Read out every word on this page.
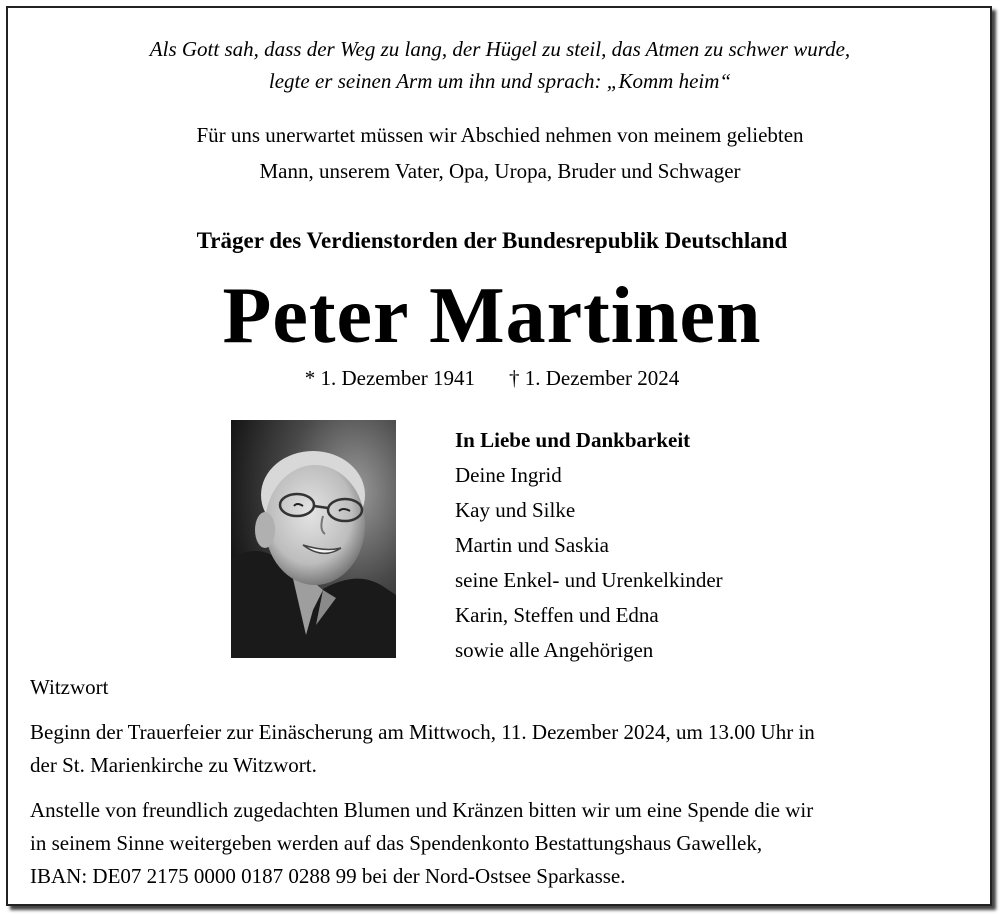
Als Gott sah, dass der Weg zu lang, der Hügel zu steil, das Atmen zu schwer wurde,
legte er seinen Arm um ihn und sprach: „Komm heim“
Für uns unerwartet müssen wir Abschied nehmen von meinem geliebten
Mann, unserem Vater, Opa, Uropa, Bruder und Schwager
Träger des Verdienstorden der Bundesrepublik Deutschland
Peter Martinen
* 1. Dezember 1941 † 1. Dezember 2024
In Liebe und Dankbarkeit
Deine Ingrid
Kay und Silke
Martin und Saskia
seine Enkel- und Urenkelkinder
Karin, Steffen und Edna
sowie alle Angehörigen
Witzwort
Beginn der Trauerfeier zur Einäscherung am Mittwoch, 11. Dezember 2024, um 13.00 Uhr in
der St. Marienkirche zu Witzwort.
Anstelle von freundlich zugedachten Blumen und Kränzen bitten wir um eine Spende die wir
in seinem Sinne weitergeben werden auf das Spendenkonto Bestattungshaus Gawellek,
IBAN: DE07 2175 0000 0187 0288 99 bei der Nord-Ostsee Sparkasse.
